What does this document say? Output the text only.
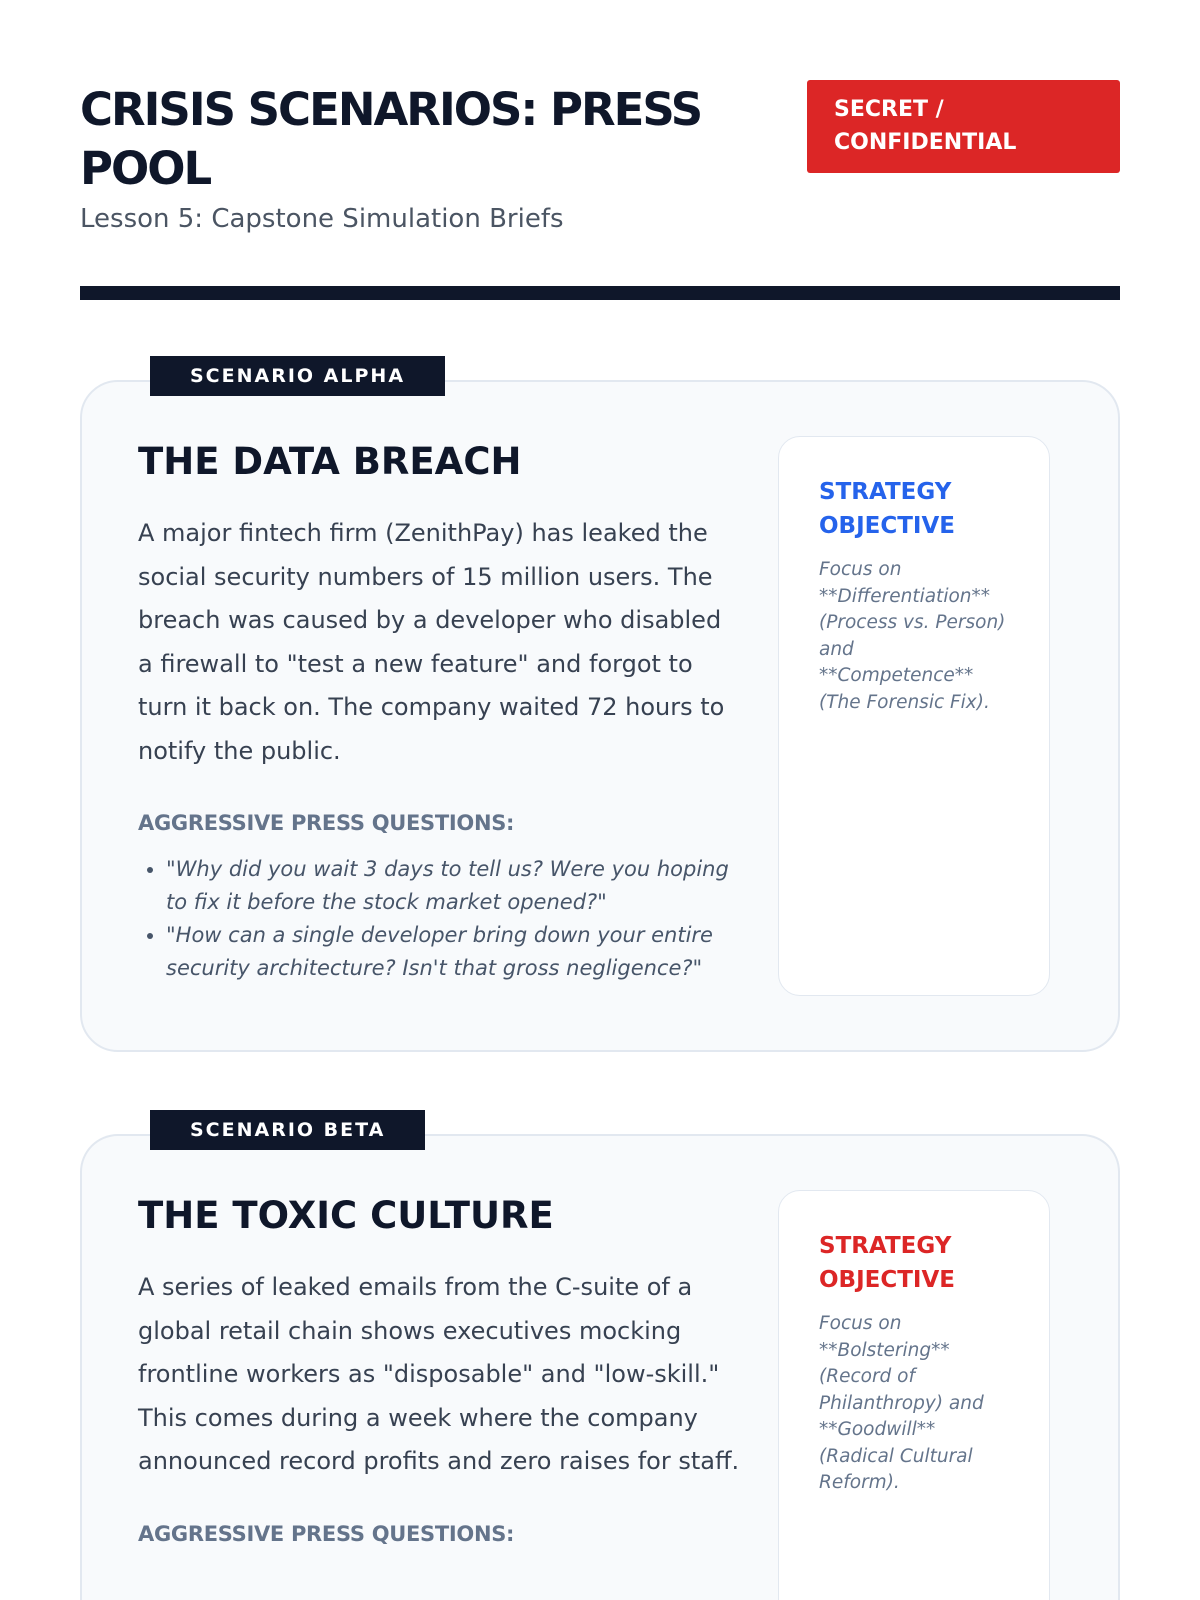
CRISIS SCENARIOS: PRESS POOL

Lesson 5: Capstone Simulation Briefs

SECRET / CONFIDENTIAL
SCENARIO ALPHA
THE DATA BREACH

A major fintech firm (ZenithPay) has leaked the social security numbers of 15 million users. The breach was caused by a developer who disabled a firewall to "test a new feature" and forgot to turn it back on. The company waited 72 hours to notify the public.

AGGRESSIVE PRESS QUESTIONS:
• "Why did you wait 3 days to tell us? Were you hoping to fix it before the stock market opened?"
• "How can a single developer bring down your entire security architecture? Isn't that gross negligence?"
STRATEGY OBJECTIVE

Focus on **Differentiation** (Process vs. Person) and **Competence** (The Forensic Fix).

SCENARIO BETA
THE TOXIC CULTURE

A series of leaked emails from the C-suite of a global retail chain shows executives mocking frontline workers as "disposable" and "low-skill." This comes during a week where the company announced record profits and zero raises for staff.

AGGRESSIVE PRESS QUESTIONS:
STRATEGY OBJECTIVE

Focus on **Bolstering** (Record of Philanthropy) and **Goodwill** (Radical Cultural Reform).
